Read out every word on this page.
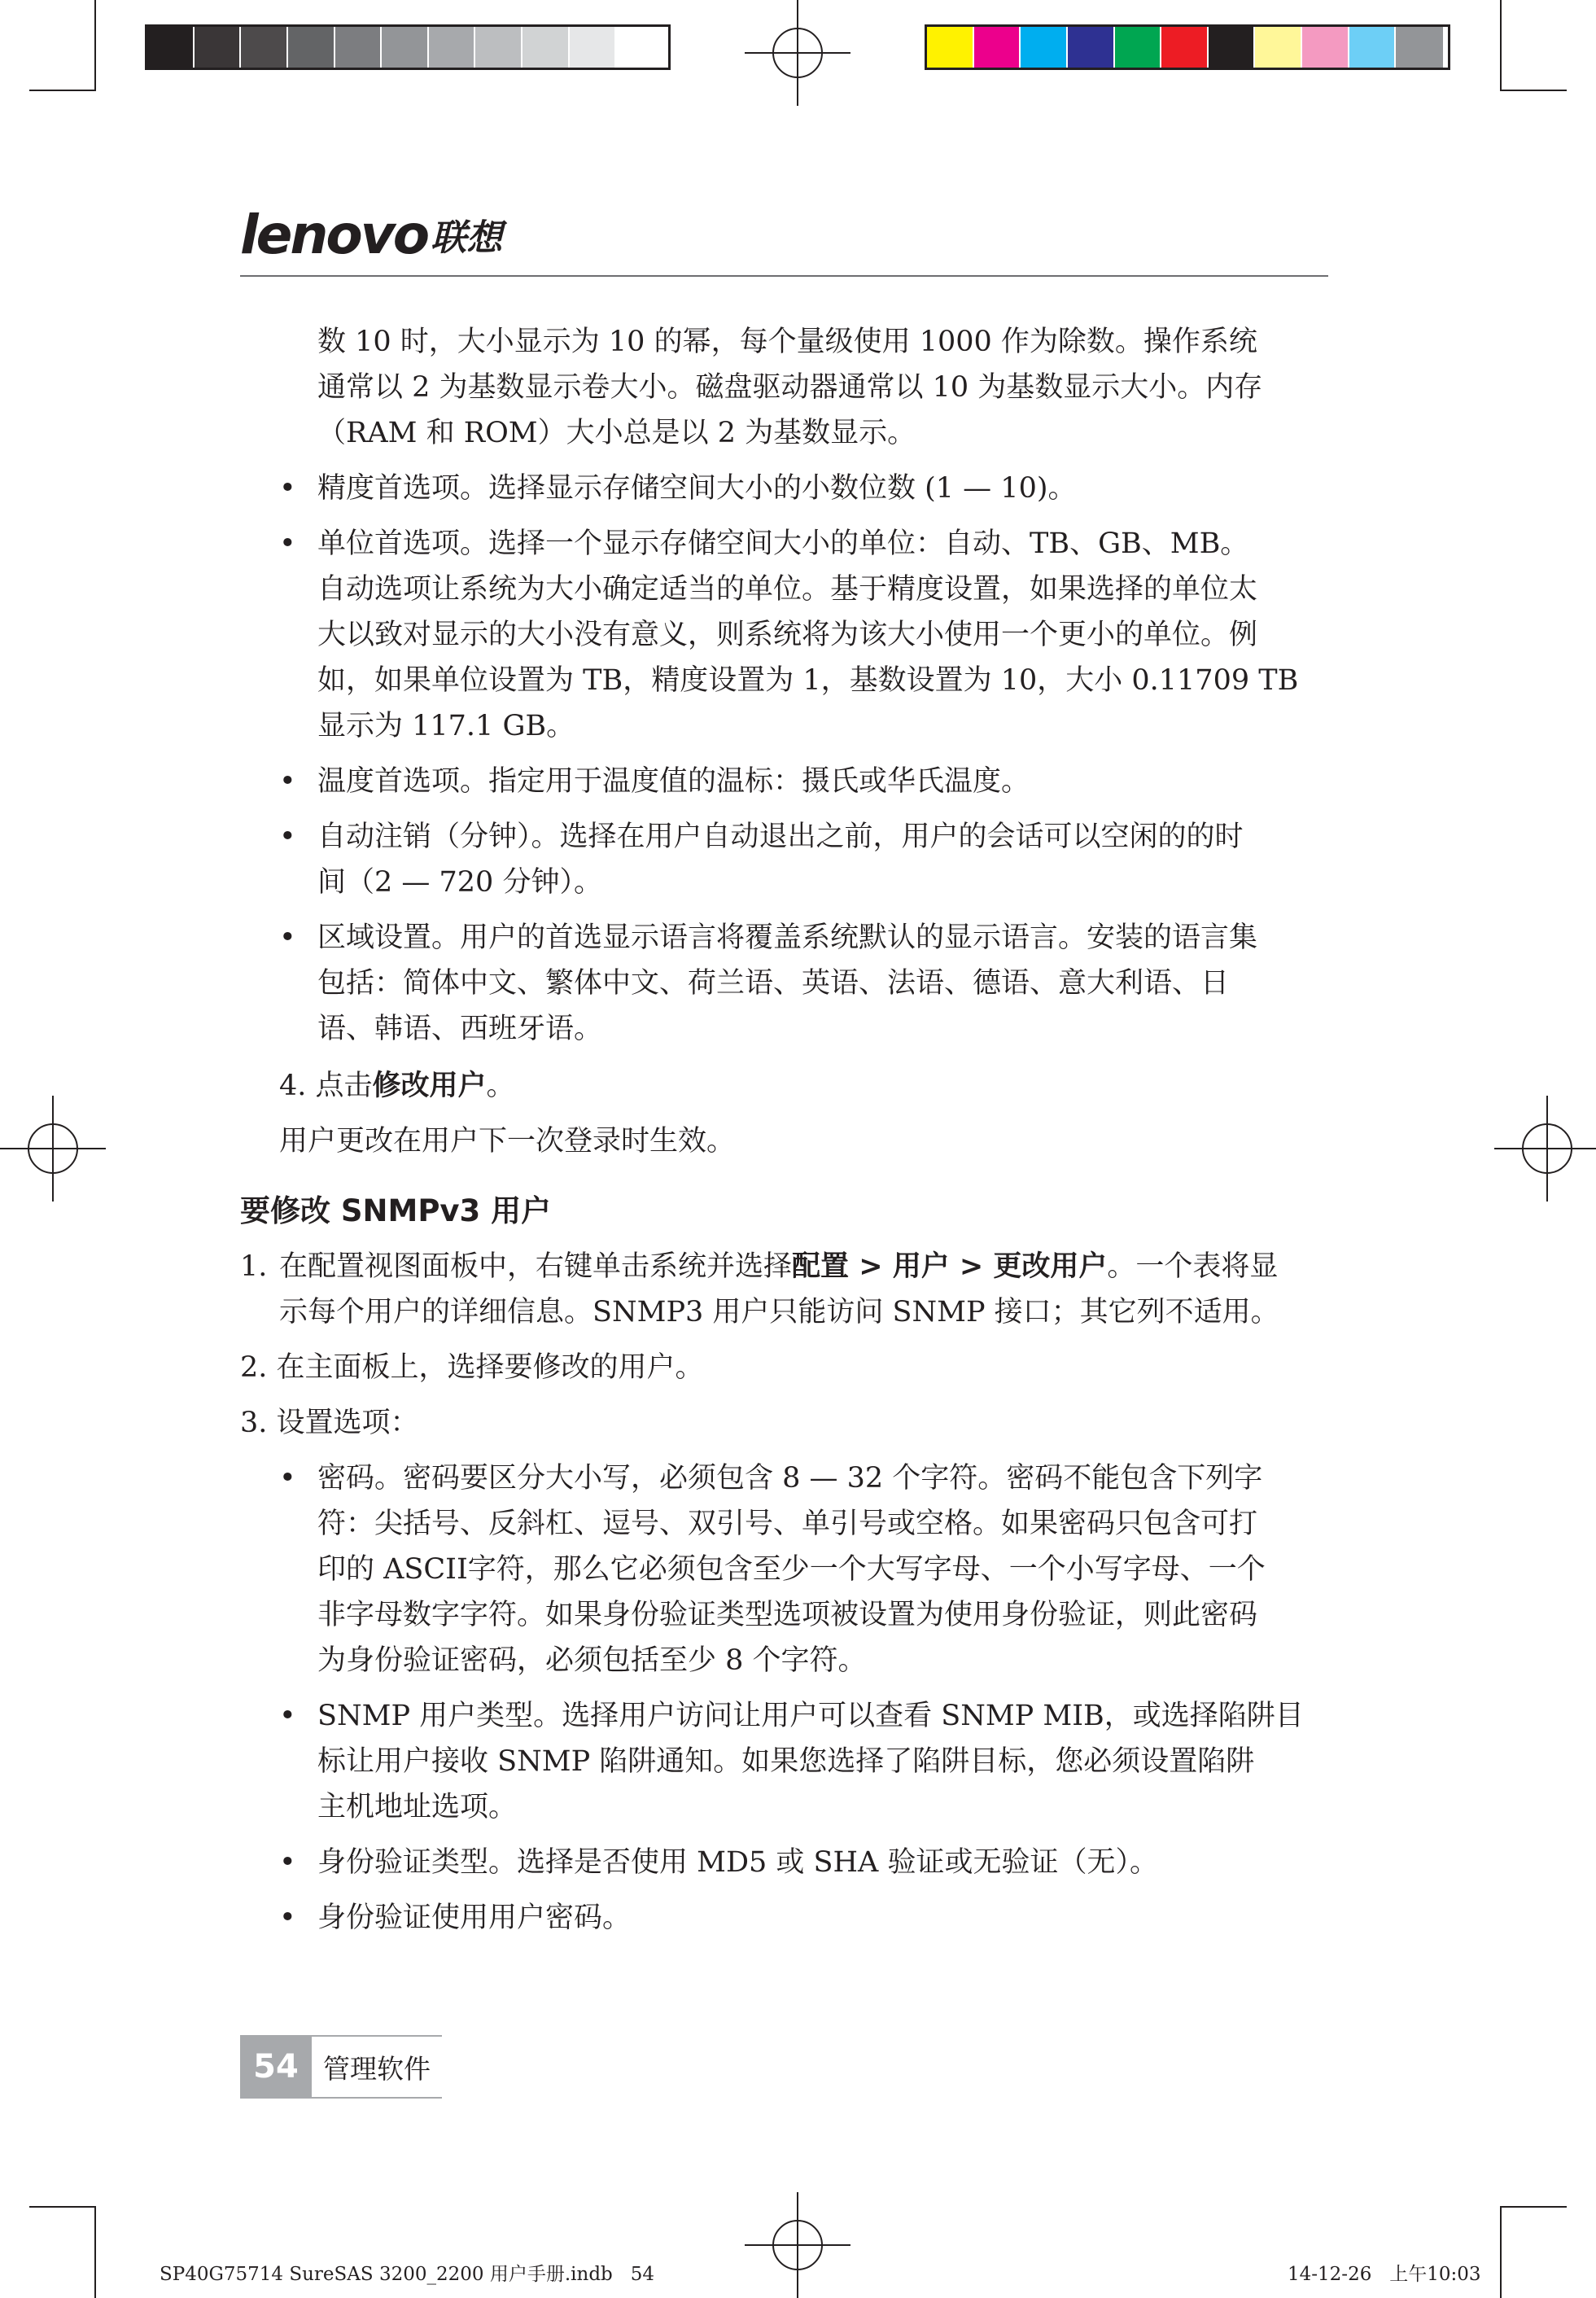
lenovo 联想
数 10 时，大小显示为 10 的幂，每个量级使用 1000 作为除数。操作系统
通常以 2 为基数显示卷大小。磁盘驱动器通常以 10 为基数显示大小。内存
（RAM 和 ROM）大小总是以 2 为基数显示。
• 精度首选项。选择显示存储空间大小的小数位数 (1 — 10)。
• 单位首选项。选择一个显示存储空间大小的单位：自动、TB、GB、MB。
自动选项让系统为大小确定适当的单位。基于精度设置，如果选择的单位太
大以致对显示的大小没有意义，则系统将为该大小使用一个更小的单位。例
如，如果单位设置为 TB，精度设置为 1，基数设置为 10，大小 0.11709 TB
显示为 117.1 GB。
• 温度首选项。指定用于温度值的温标：摄氏或华氏温度。
• 自动注销（分钟）。选择在用户自动退出之前，用户的会话可以空闲的的时
间（2 — 720 分钟）。
• 区域设置。用户的首选显示语言将覆盖系统默认的显示语言。安装的语言集
包括：简体中文、繁体中文、荷兰语、英语、法语、德语、意大利语、日
语、韩语、西班牙语。
4. 点击修改用户。
用户更改在用户下一次登录时生效。
要修改 SNMPv3 用户
1. 在配置视图面板中，右键单击系统并选择配置 > 用户 > 更改用户。一个表将显
示每个用户的详细信息。SNMP3 用户只能访问 SNMP 接口；其它列不适用。
2. 在主面板上，选择要修改的用户。
3. 设置选项：
• 密码。密码要区分大小写，必须包含 8 — 32 个字符。密码不能包含下列字
符：尖括号、反斜杠、逗号、双引号、单引号或空格。如果密码只包含可打
印的 ASCII字符，那么它必须包含至少一个大写字母、一个小写字母、一个
非字母数字字符。如果身份验证类型选项被设置为使用身份验证，则此密码
为身份验证密码，必须包括至少 8 个字符。
• SNMP 用户类型。选择用户访问让用户可以查看 SNMP MIB，或选择陷阱目
标让用户接收 SNMP 陷阱通知。如果您选择了陷阱目标，您必须设置陷阱
主机地址选项。
• 身份验证类型。选择是否使用 MD5 或 SHA 验证或无验证（无）。
• 身份验证使用用户密码。
54 管理软件
SP40G75714 SureSAS 3200_2200 用户手册.indb   54	14-12-26   上午10:03
